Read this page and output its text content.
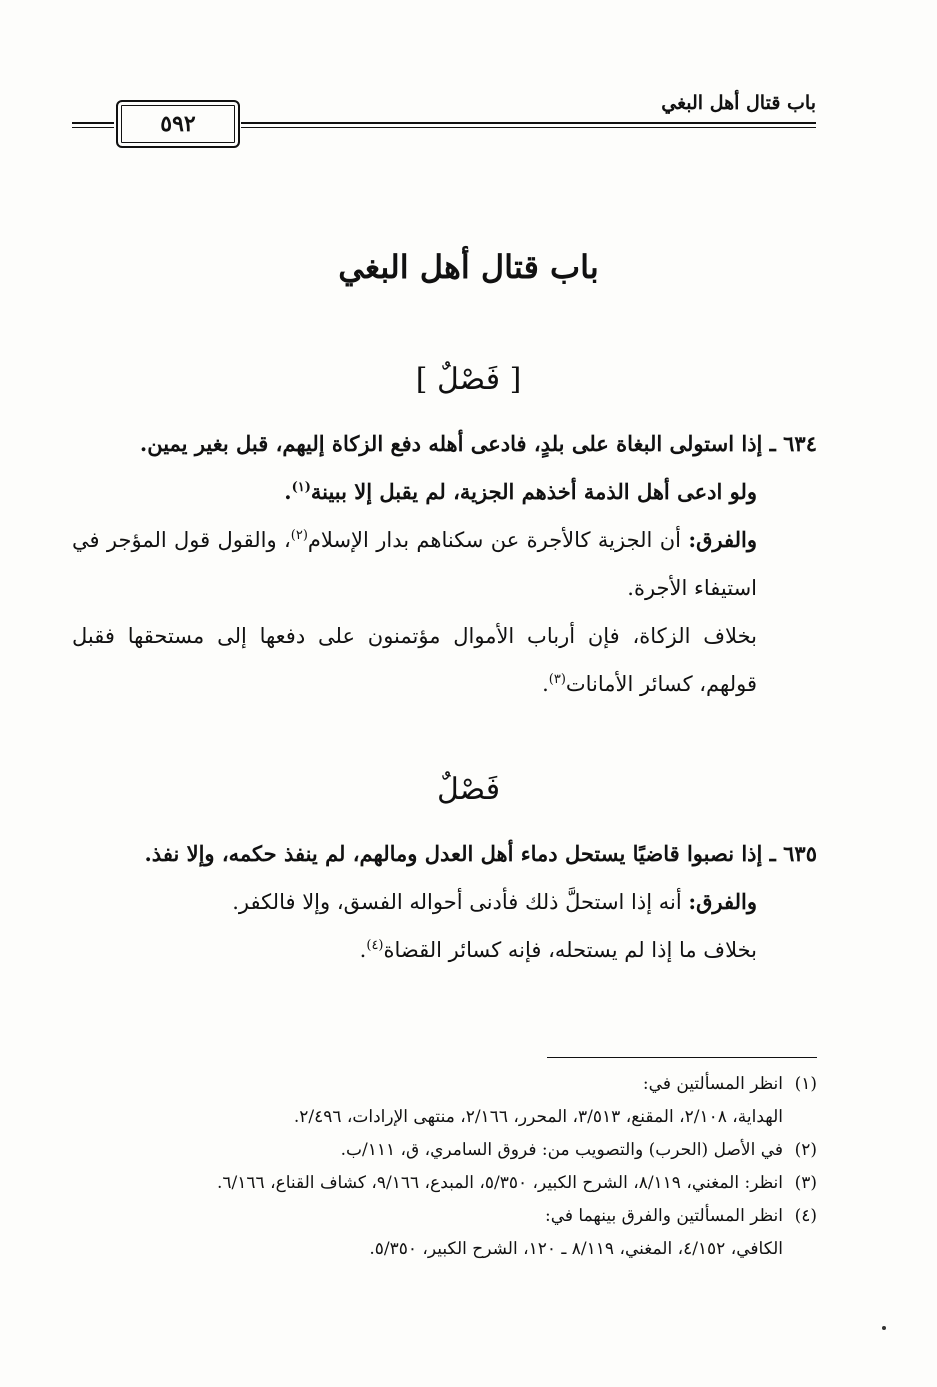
باب قتال أهل البغي
٥٩٢
باب قتال أهل البغي
[ فَصْلٌ ]

٦٣٤ ـ إذا استولى البغاة على بلدٍ، فادعى أهله دفع الزكاة إليهم، قبل بغير يمين.

ولو ادعى أهل الذمة أخذهم الجزية، لم يقبل إلا ببينة$^{(١)}$.

والفرق: أن الجزية كالأجرة عن سكناهم بدار الإسلام$^{(٢)}$، والقول قول المؤجر في استيفاء الأجرة.

بخلاف الزكاة، فإن أرباب الأموال مؤتمنون على دفعها إلى مستحقها فقبل قولهم، كسائر الأمانات$^{(٣)}$.

فَصْلٌ

٦٣٥ ـ إذا نصبوا قاضيًا يستحل دماء أهل العدل ومالهم، لم ينفذ حكمه، وإلا نفذ.

والفرق: أنه إذا استحلَّ ذلك فأدنى أحواله الفسق، وإلا فالكفر.

بخلاف ما إذا لم يستحله، فإنه كسائر القضاة$^{(٤)}$.

(١)انظر المسألتين في:
الهداية، ٢/١٠٨، المقنع، ٣/٥١٣، المحرر، ٢/١٦٦، منتهى الإرادات، ٢/٤٩٦.

(٢)في الأصل (الحرب) والتصويب من: فروق السامري، ق، ١١١/ب.

(٣)انظر: المغني، ٨/١١٩، الشرح الكبير، ٥/٣٥٠، المبدع، ٩/١٦٦، كشاف القناع، ٦/١٦٦.

(٤)انظر المسألتين والفرق بينهما في:
الكافي، ٤/١٥٢، المغني، ٨/١١٩ ـ ١٢٠، الشرح الكبير، ٥/٣٥٠.
